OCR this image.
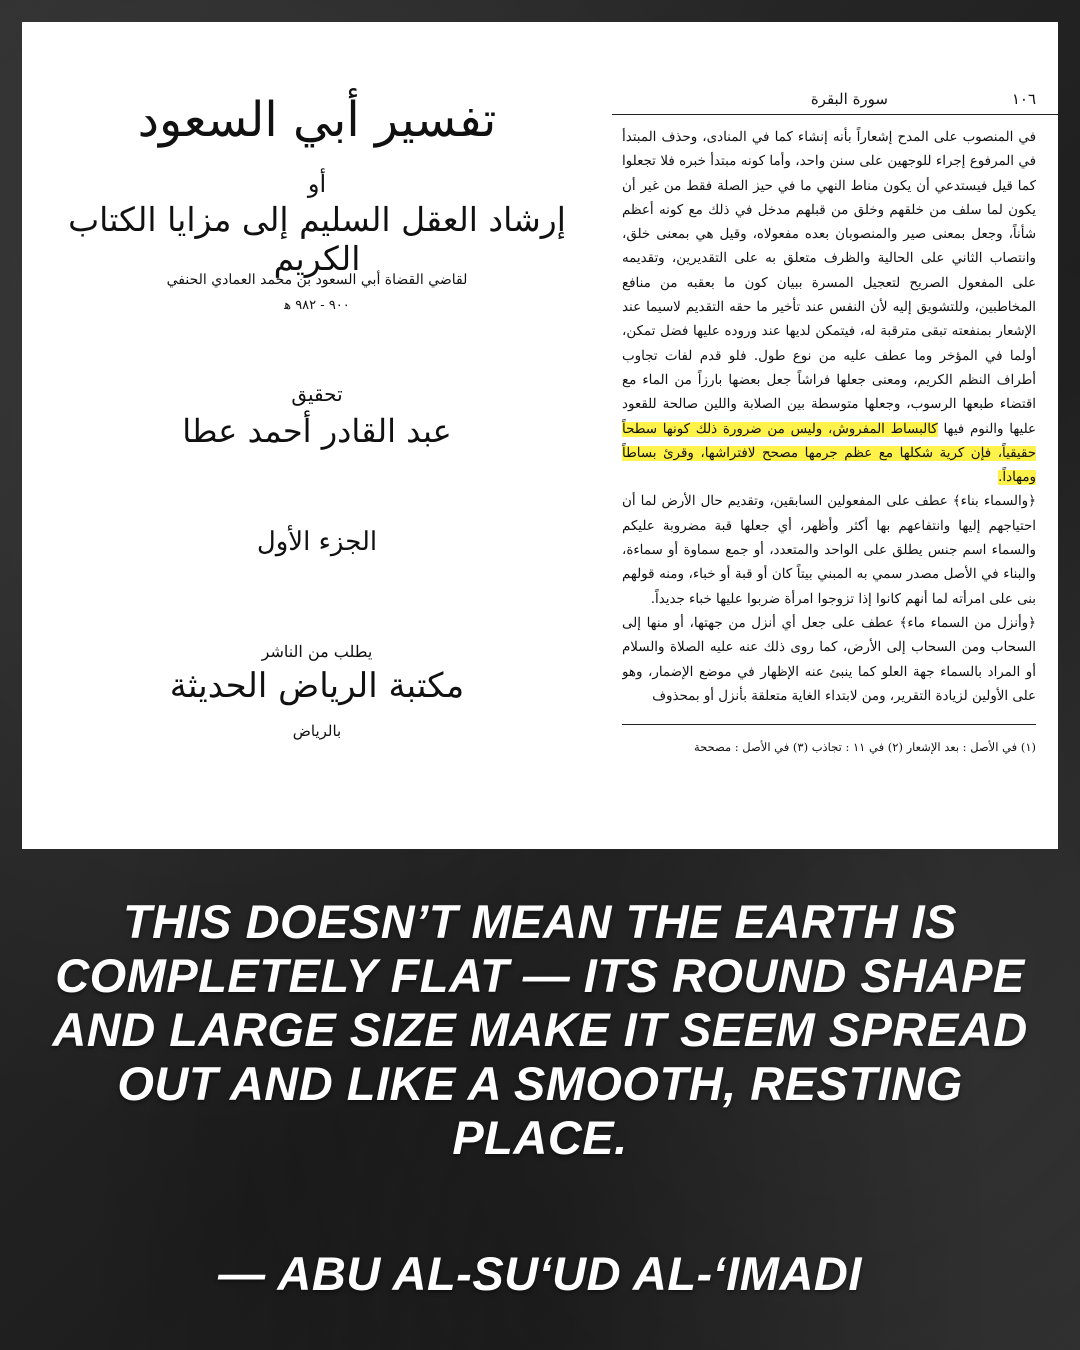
تفسير أبي السعود
أو
إرشاد العقل السليم إلى مزايا الكتاب الكريم
لقاضي القضاة أبي السعود بن محمد العمادي الحنفي
٩٠٠ - ٩٨٢ ﻫ
تحقيق
عبد القادر أحمد عطا
الجزء الأول
يطلب من الناشر
مكتبة الرياض الحديثة
بالرياض
١٠٦
سورة البقرة

في المنصوب على المدح إشعاراً بأنه إنشاء كما في المنادى، وحذف المبتدأ في المرفوع إجراء للوجهين على سنن واحد، وأما كونه مبتدأ خبره فلا تجعلوا كما قيل فيستدعي أن يكون مناط النهي ما في حيز الصلة فقط من غير أن يكون لما سلف من خلقهم وخلق من قبلهم مدخل في ذلك مع كونه أعظم شأناً، وجعل بمعنى صير والمنصوبان بعده مفعولاه، وقيل هي بمعنى خلق، وانتصاب الثاني على الحالية والظرف متعلق به على التقديرين، وتقديمه على المفعول الصريح لتعجيل المسرة ببيان كون ما بعقبه من منافع المخاطبين، وللتشويق إليه لأن النفس عند تأخير ما حقه التقديم لاسيما عند الإشعار بمنفعته تبقى مترقبة له، فيتمكن لديها عند وروده عليها فضل تمكن، أولما في المؤخر وما عطف عليه من نوع طول. فلو قدم لفات تجاوب أطراف النظم الكريم، ومعنى جعلها فراشاً جعل بعضها بارزاً من الماء مع اقتضاء طبعها الرسوب، وجعلها متوسطة بين الصلابة واللين صالحة للقعود عليها والنوم فيها كالبساط المفروش، وليس من ضرورة ذلك كونها سطحاً حقيقياً، فإن كرية شكلها مع عظم جرمها مصحح لافتراشها، وقرئ بساطاً ومهاداً.

﴿والسماء بناء﴾ عطف على المفعولين السابقين، وتقديم حال الأرض لما أن احتياجهم إليها وانتفاعهم بها أكثر وأظهر، أي جعلها قبة مضروبة عليكم والسماء اسم جنس يطلق على الواحد والمتعدد، أو جمع سماوة أو سماءة، والبناء في الأصل مصدر سمي به المبني بيتاً كان أو قبة أو خباء، ومنه قولهم بنى على امرأته لما أنهم كانوا إذا تزوجوا امرأة ضربوا عليها خباء جديداً.

﴿وأنزل من السماء ماء﴾ عطف على جعل أي أنزل من جهتها، أو منها إلى السحاب ومن السحاب إلى الأرض، كما روى ذلك عنه عليه الصلاة والسلام أو المراد بالسماء جهة العلو كما ينبئ عنه الإظهار في موضع الإضمار، وهو على الأولين لزيادة التقرير، ومن لابتداء الغاية متعلقة بأنزل أو بمحذوف

(١) في الأصل : بعد الإشعار (٢) في ١١ : تجاذب (٣) في الأصل : مصححة
THIS DOESN’T MEAN THE EARTH IS COMPLETELY FLAT — ITS ROUND SHAPE AND LARGE SIZE MAKE IT SEEM SPREAD OUT AND LIKE A SMOOTH, RESTING PLACE.
— ABU AL-SU‘UD AL-‘IMADI
